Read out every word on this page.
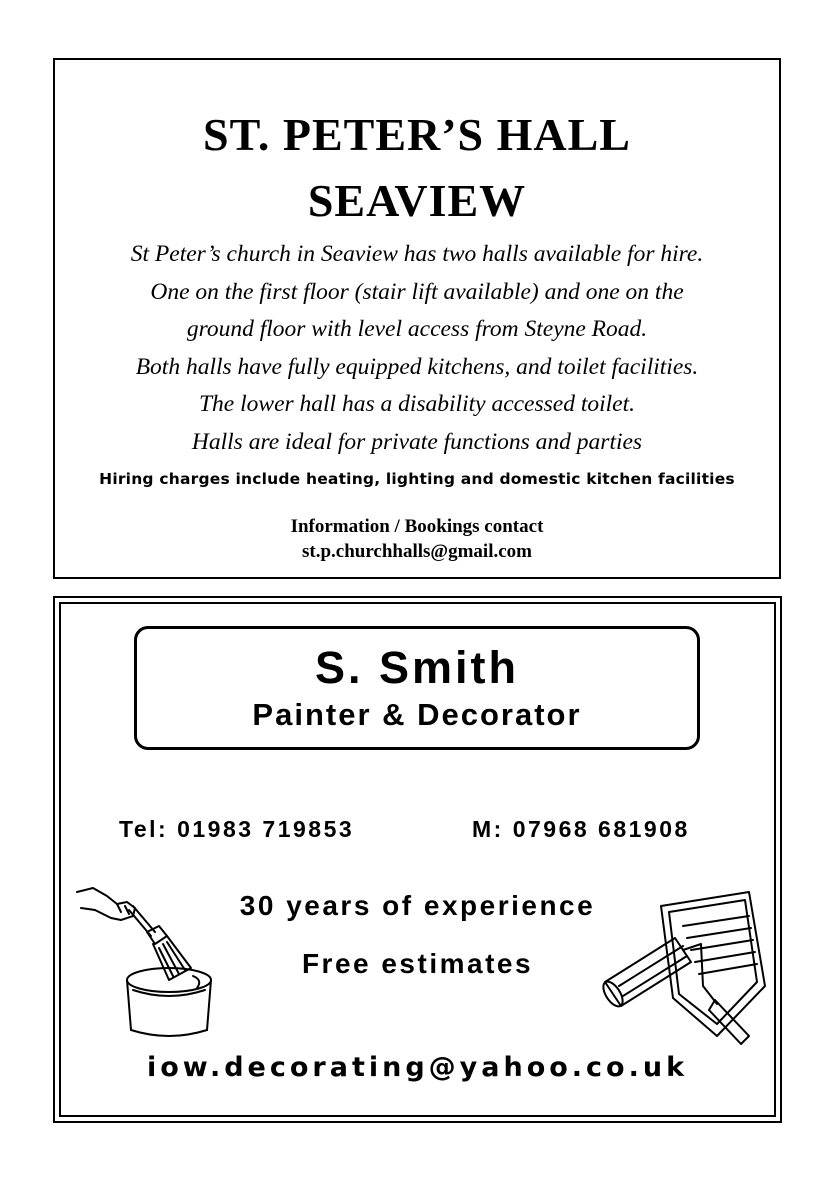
ST. PETER’S HALL
SEAVIEW
St Peter’s church in Seaview has two halls available for hire.
One on the first floor (stair lift available) and one on the
ground floor with level access from Steyne Road.
Both halls have fully equipped kitchens, and toilet facilities.
The lower hall has a disability accessed toilet.
Halls are ideal for private functions and parties
Hiring charges include heating, lighting and domestic kitchen facilities
Information / Bookings contact
st.p.churchhalls@gmail.com
S. Smith
Painter & Decorator
Tel: 01983 719853	M: 07968 681908
30 years of experience
Free estimates
iow.decorating@yahoo.co.uk
